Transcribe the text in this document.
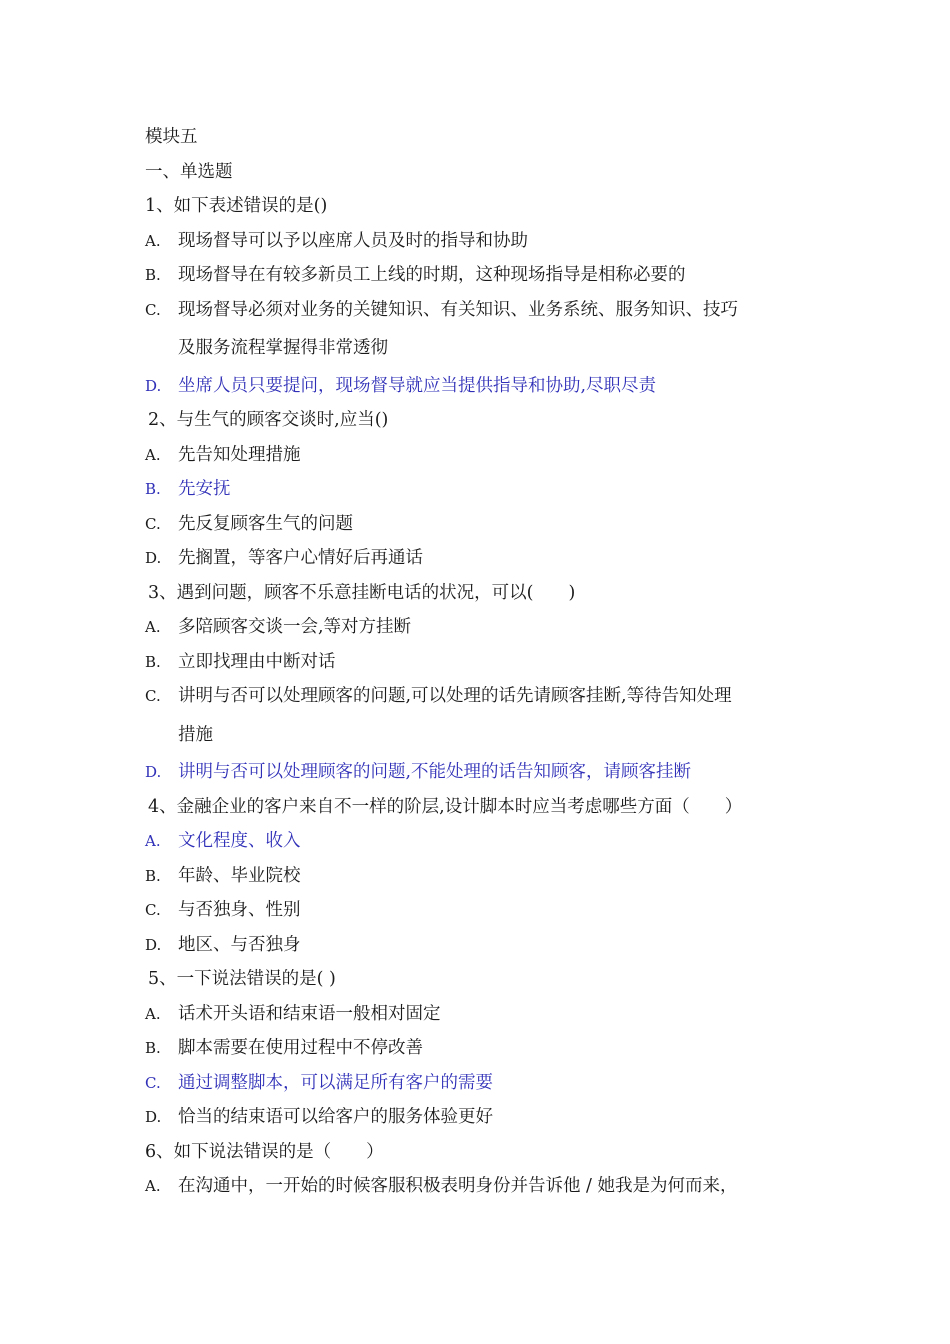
模块五
一、单选题
1、如下表述错误的是()
A. 现场督导可以予以座席人员及时的指导和协助
B. 现场督导在有较多新员工上线的时期，这种现场指导是相称必要的
C. 现场督导必须对业务的关键知识、有关知识、业务系统、服务知识、技巧
及服务流程掌握得非常透彻
D. 坐席人员只要提问，现场督导就应当提供指导和协助,尽职尽责
2、与生气的顾客交谈时,应当()
A. 先告知处理措施
B. 先安抚
C. 先反复顾客生气的问题
D. 先搁置，等客户心情好后再通话
3、遇到问题，顾客不乐意挂断电话的状况，可以(　　)
A. 多陪顾客交谈一会,等对方挂断
B. 立即找理由中断对话
C. 讲明与否可以处理顾客的问题,可以处理的话先请顾客挂断,等待告知处理
措施
D. 讲明与否可以处理顾客的问题,不能处理的话告知顾客，请顾客挂断
4、金融企业的客户来自不一样的阶层,设计脚本时应当考虑哪些方面（　　）
A. 文化程度、收入
B. 年龄、毕业院校
C. 与否独身、性别
D. 地区、与否独身
5、一下说法错误的是( )
A. 话术开头语和结束语一般相对固定
B. 脚本需要在使用过程中不停改善
C. 通过调整脚本，可以满足所有客户的需要
D. 恰当的结束语可以给客户的服务体验更好
6、如下说法错误的是（　　）
A. 在沟通中，一开始的时候客服积极表明身份并告诉他 / 她我是为何而来，
